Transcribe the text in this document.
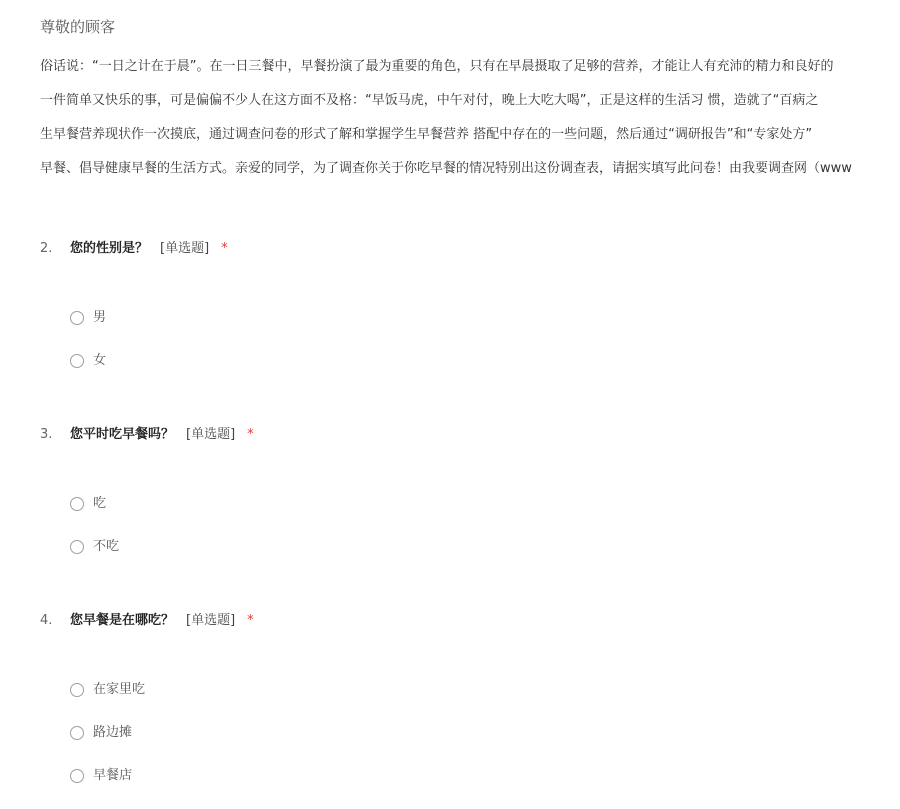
尊敬的顾客
俗话说：“一日之计在于晨”。在一日三餐中，早餐扮演了最为重要的角色，只有在早晨摄取了足够的营养，才能让人有充沛的精力和良好的
一件简单又快乐的事，可是偏偏不少人在这方面不及格：“早饭马虎，中午对付，晚上大吃大喝”，正是这样的生活习 惯，造就了“百病之
生早餐营养现状作一次摸底，通过调查问卷的形式了解和掌握学生早餐营养 搭配中存在的一些问题，然后通过“调研报告”和“专家处方”
早餐、倡导健康早餐的生活方式。亲爱的同学，为了调查你关于你吃早餐的情况特别出这份调查表，请据实填写此问卷！由我要调查网（www
2. 您的性别是？ [单选题] *
男
女
3. 您平时吃早餐吗？ [单选题] *
吃
不吃
4. 您早餐是在哪吃？ [单选题] *
在家里吃
路边摊
早餐店
